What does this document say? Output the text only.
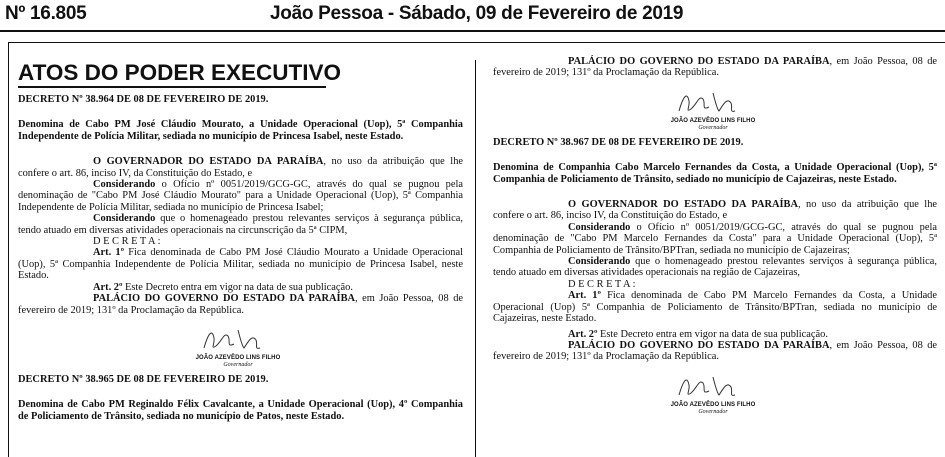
Nº 16.805	João Pessoa - Sábado, 09 de Fevereiro de 2019
ATOS DO PODER EXECUTIVO

DECRETO Nº 38.964 DE 08 DE FEVEREIRO DE 2019.

Denomina de Cabo PM José Cláudio Mourato, a Unidade Operacional (Uop), 5ª Companhia Independente de Polícia Militar, sediada no município de Princesa Isabel, neste Estado.

O GOVERNADOR DO ESTADO DA PARAÍBA, no uso da atribuição que lhe confere o art. 86, inciso IV, da Constituição do Estado, e

Considerando o Ofício nº 0051/2019/GCG-GC, através do qual se pugnou pela denominação de "Cabo PM José Cláudio Mourato" para a Unidade Operacional (Uop), 5ª Companhia Independente de Polícia Militar, sediada no município de Princesa Isabel;

Considerando que o homenageado prestou relevantes serviços à segurança pública, tendo atuado em diversas atividades operacionais na circunscrição da 5ª CIPM,

D E C R E T A :

Art. 1º Fica denominada de Cabo PM José Cláudio Mourato a Unidade Operacional (Uop), 5ª Companhia Independente de Polícia Militar, sediada no município de Princesa Isabel, neste Estado.

Art. 2º Este Decreto entra em vigor na data de sua publicação.

PALÁCIO DO GOVERNO DO ESTADO DA PARAÍBA, em João Pessoa, 08 de fevereiro de 2019; 131º da Proclamação da República.

JOÃO AZEVÊDO LINS FILHO
Governador

DECRETO Nº 38.965 DE 08 DE FEVEREIRO DE 2019.

Denomina de Cabo PM Reginaldo Félix Cavalcante, a Unidade Operacional (Uop), 4º Companhia de Policiamento de Trânsito, sediada no município de Patos, neste Estado.

PALÁCIO DO GOVERNO DO ESTADO DA PARAÍBA, em João Pessoa, 08 de fevereiro de 2019; 131º da Proclamação da República.

JOÃO AZEVÊDO LINS FILHO
Governador

DECRETO Nº 38.967 DE 08 DE FEVEREIRO DE 2019.

Denomina de Companhia Cabo Marcelo Fernandes da Costa, a Unidade Operacional (Uop), 5ª Companhia de Policiamento de Trânsito, sediado no município de Cajazeiras, neste Estado.

O GOVERNADOR DO ESTADO DA PARAÍBA, no uso da atribuição que lhe confere o art. 86, inciso IV, da Constituição do Estado, e

Considerando o Ofício nº 0051/2019/GCG-GC, através do qual se pugnou pela denominação de "Cabo PM Marcelo Fernandes da Costa" para a Unidade Operacional (Uop), 5ª Companhia de Policiamento de Trânsito/BPTran, sediada no município de Cajazeiras;

Considerando que o homenageado prestou relevantes serviços à segurança pública, tendo atuado em diversas atividades operacionais na região de Cajazeiras,

D E C R E T A :

Art. 1º Fica denominada de Cabo PM Marcelo Fernandes da Costa, a Unidade Operacional (Uop) 5ª Companhia de Policiamento de Trânsito/BPTran, sediada no município de Cajazeiras, neste Estado.

Art. 2º Este Decreto entra em vigor na data de sua publicação.

PALÁCIO DO GOVERNO DO ESTADO DA PARAÍBA, em João Pessoa, 08 de fevereiro de 2019; 131º da Proclamação da República.

JOÃO AZEVÊDO LINS FILHO
Governador
